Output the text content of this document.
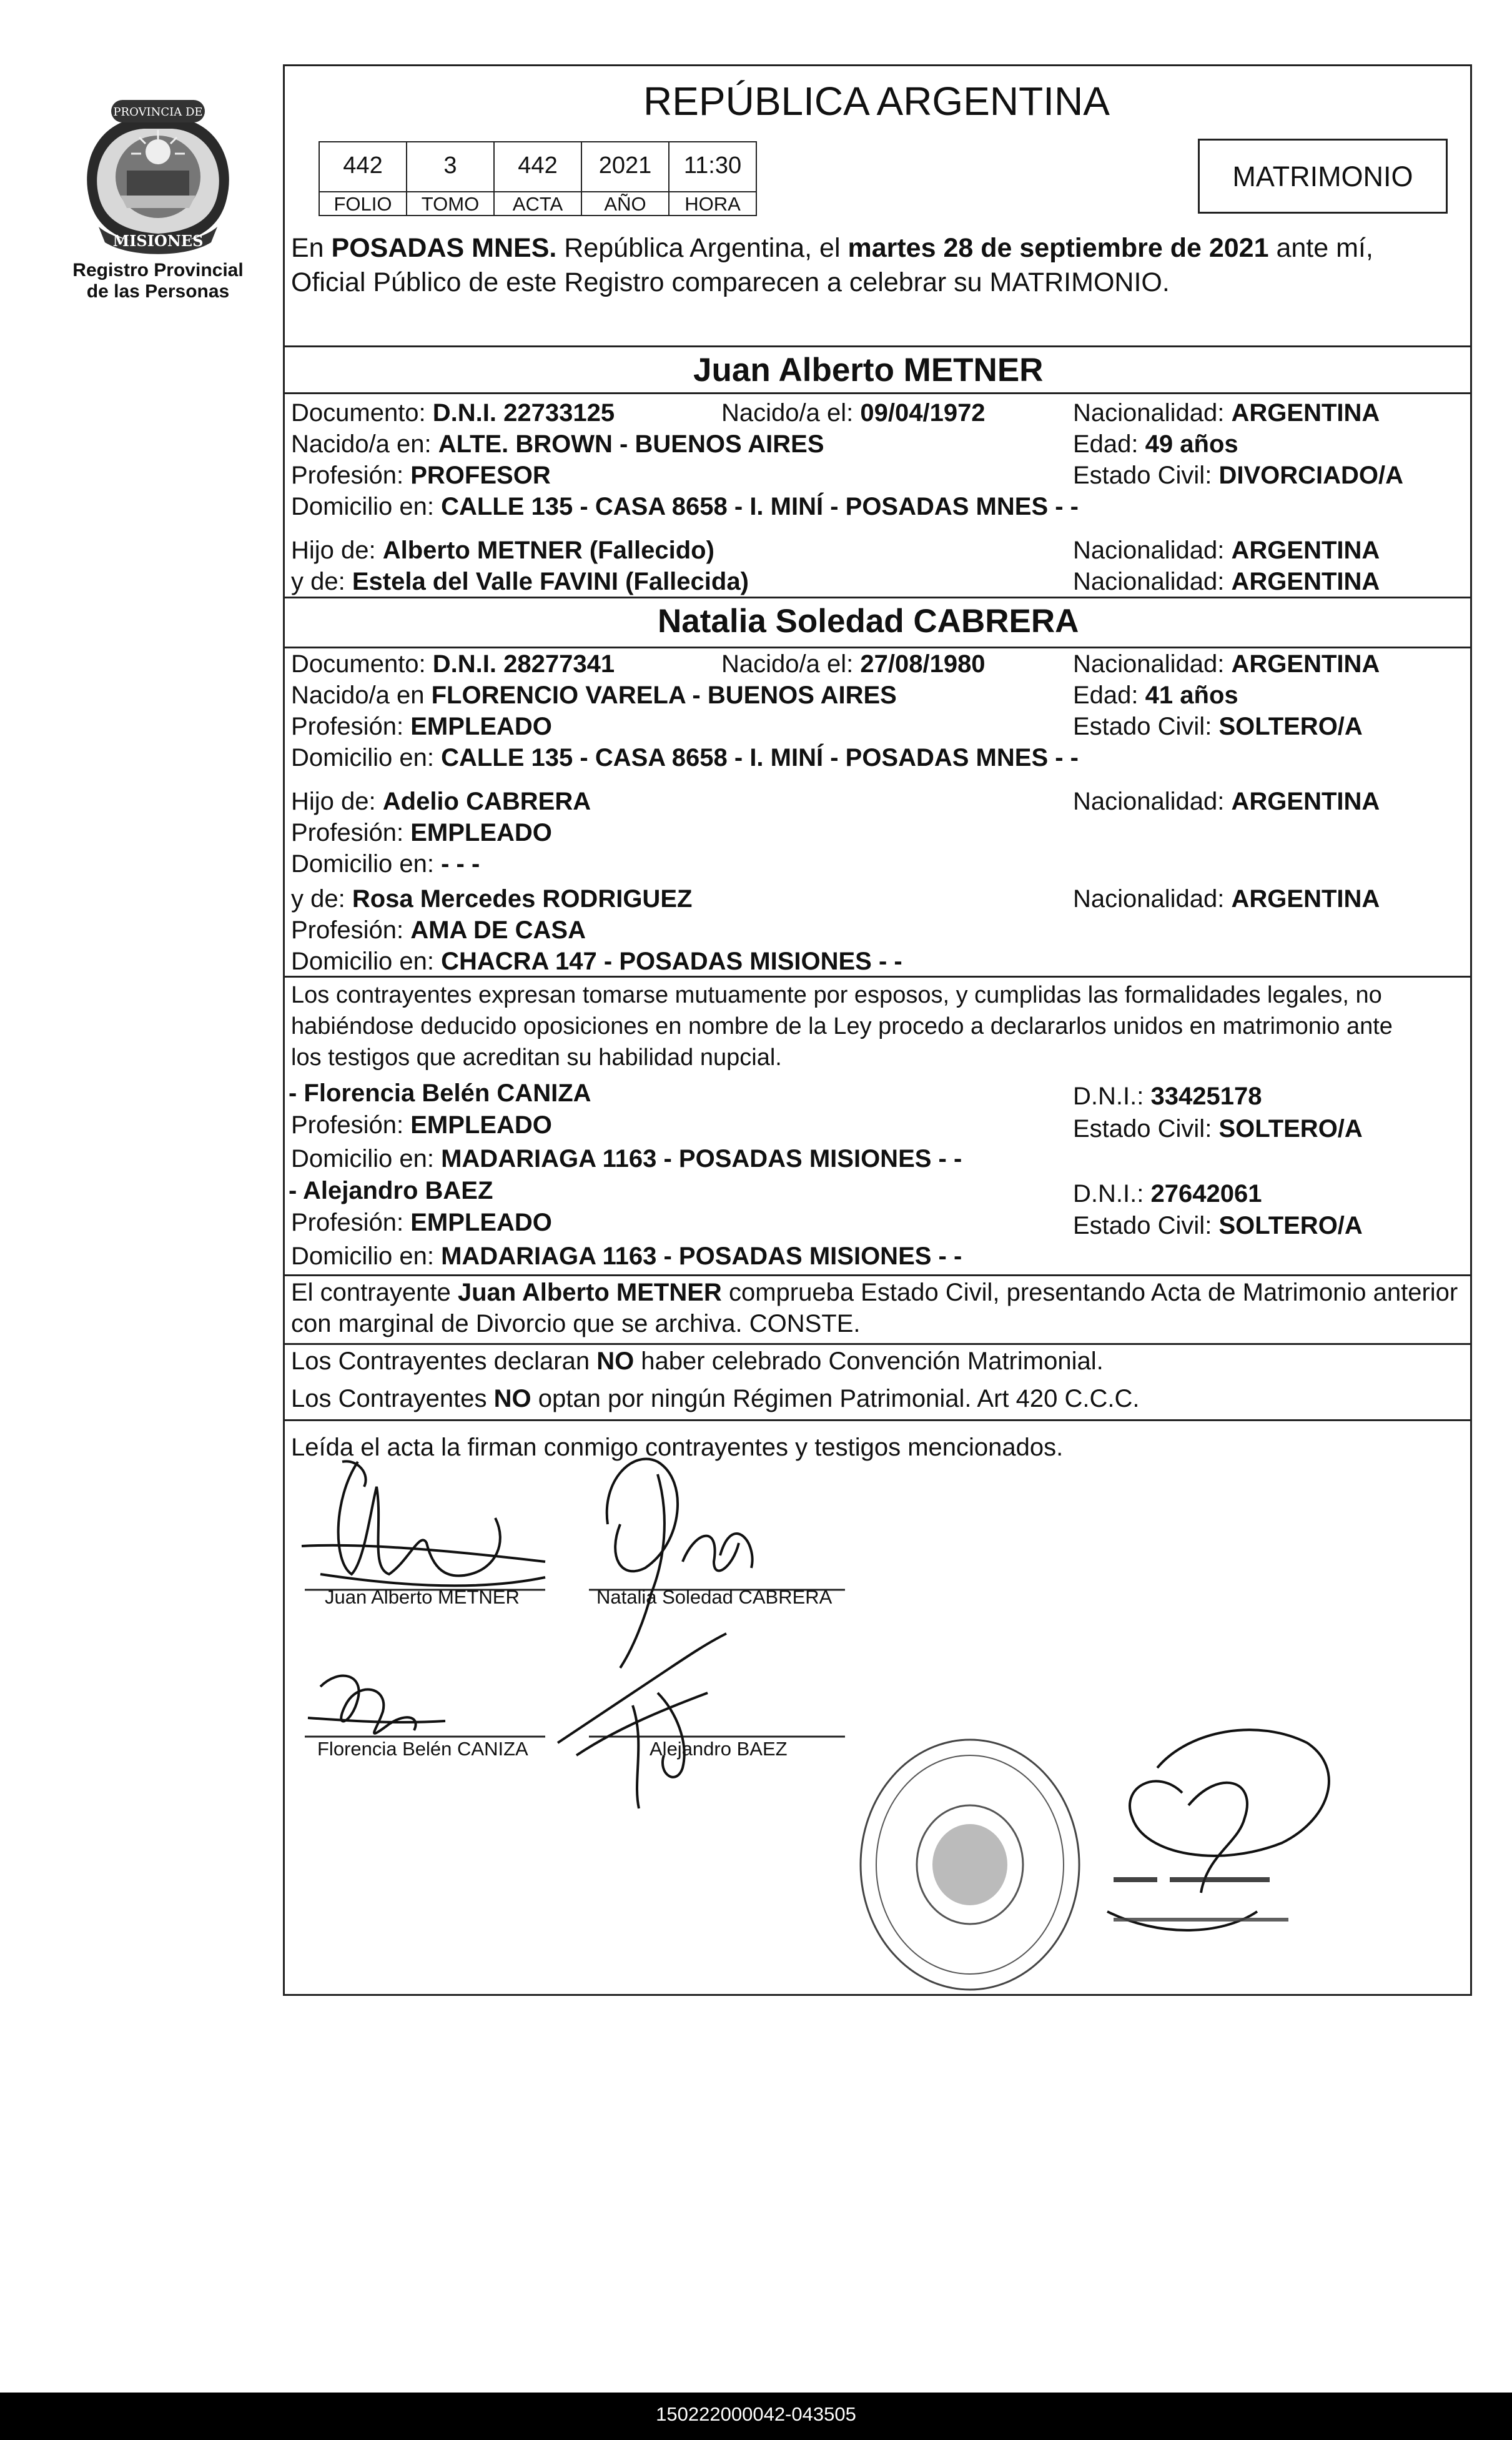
PROVINCIA DE
MISIONES
Registro Provincial
de las Personas
REPÚBLICA ARGENTINA
MATRIMONIO
442	3	442	2021	11:30
FOLIO	TOMO	ACTA	AÑO	HORA
En POSADAS MNES. República Argentina, el martes 28 de septiembre de 2021 ante mí,
Oficial Público de este Registro comparecen a celebrar su MATRIMONIO.
Juan Alberto METNER
Documento: D.N.I. 22733125	Nacido/a el: 09/04/1972	Nacionalidad: ARGENTINA
Nacido/a en: ALTE. BROWN - BUENOS AIRES	Edad: 49 años
Profesión: PROFESOR	Estado Civil: DIVORCIADO/A
Domicilio en: CALLE 135 - CASA 8658 - I. MINÍ - POSADAS MNES - -
Hijo de: Alberto METNER (Fallecido)	Nacionalidad: ARGENTINA
y de: Estela del Valle FAVINI (Fallecida)	Nacionalidad: ARGENTINA
Natalia Soledad CABRERA
Documento: D.N.I. 28277341	Nacido/a el: 27/08/1980	Nacionalidad: ARGENTINA
Nacido/a en FLORENCIO VARELA - BUENOS AIRES	Edad: 41 años
Profesión: EMPLEADO	Estado Civil: SOLTERO/A
Domicilio en: CALLE 135 - CASA 8658 - I. MINÍ - POSADAS MNES - -
Hijo de: Adelio CABRERA	Nacionalidad: ARGENTINA
Profesión: EMPLEADO
Domicilio en: - - -
y de: Rosa Mercedes RODRIGUEZ	Nacionalidad: ARGENTINA
Profesión: AMA DE CASA
Domicilio en: CHACRA 147 - POSADAS MISIONES - -
Los contrayentes expresan tomarse mutuamente por esposos, y cumplidas las formalidades legales, no
habiéndose deducido oposiciones en nombre de la Ley procedo a declararlos unidos en matrimonio ante
los testigos que acreditan su habilidad nupcial.
- Florencia Belén CANIZA	D.N.I.: 33425178
Profesión: EMPLEADO	Estado Civil: SOLTERO/A
Domicilio en: MADARIAGA 1163 - POSADAS MISIONES - -
- Alejandro BAEZ	D.N.I.: 27642061
Profesión: EMPLEADO	Estado Civil: SOLTERO/A
Domicilio en: MADARIAGA 1163 - POSADAS MISIONES - -
El contrayente Juan Alberto METNER comprueba Estado Civil, presentando Acta de Matrimonio anterior
con marginal de Divorcio que se archiva. CONSTE.
Los Contrayentes declaran NO haber celebrado Convención Matrimonial.
Los Contrayentes NO optan por ningún Régimen Patrimonial. Art 420 C.C.C.
Leída el acta la firman conmigo contrayentes y testigos mencionados.
Juan Alberto METNER	Natalia Soledad CABRERA
Florencia Belén CANIZA	Alejandro BAEZ
150222000042-043505
